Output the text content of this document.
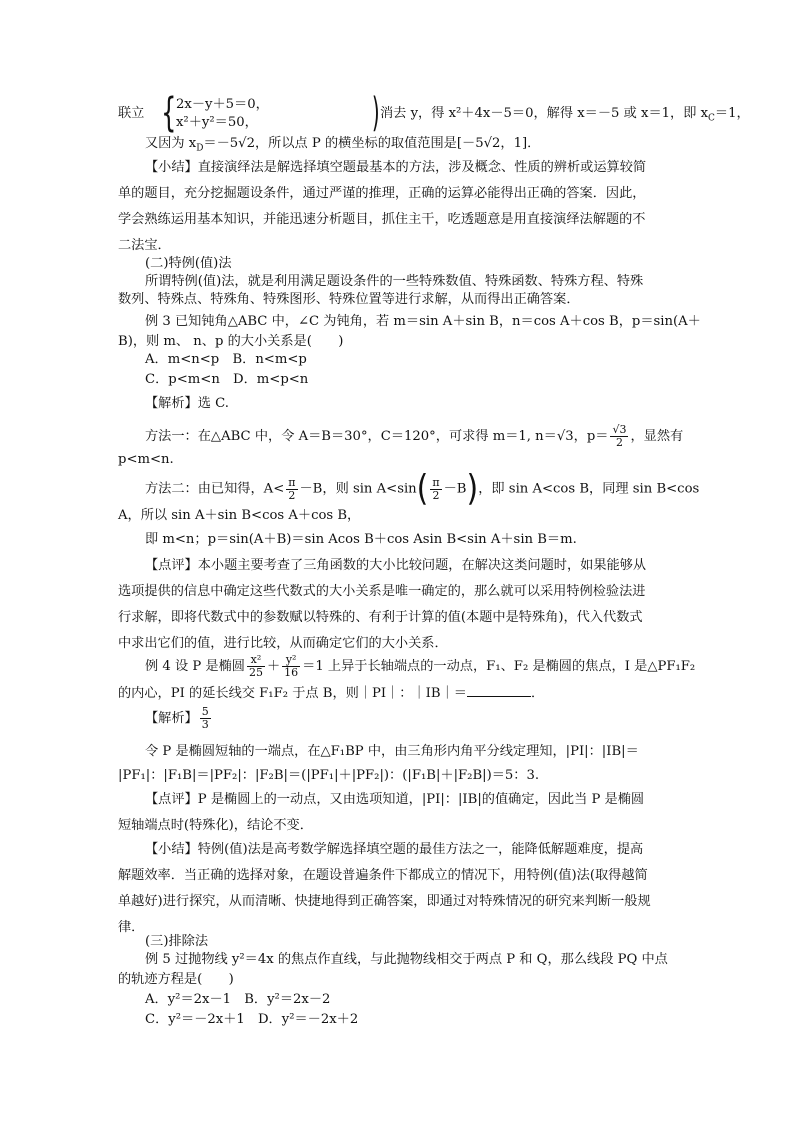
联立 { 2x－y＋5＝0，
x²＋y²＝50，	) 消去 y，得 x²＋4x－5＝0，解得 x＝－5 或 x＝1，即 $x_C=1$，
又因为 $x_D=-5√2$，所以点 P 的横坐标的取值范围是[－5√2，1]．
【小结】直接演绎法是解选择填空题最基本的方法，涉及概念、性质的辨析或运算较简
单的题目，充分挖掘题设条件，通过严谨的推理，正确的运算必能得出正确的答案．因此，
学会熟练运用基本知识，并能迅速分析题目，抓住主干，吃透题意是用直接演绎法解题的不
二法宝．
(二)特例(值)法
所谓特例(值)法，就是利用满足题设条件的一些特殊数值、特殊函数、特殊方程、特殊
数列、特殊点、特殊角、特殊图形、特殊位置等进行求解，从而得出正确答案．
例 3 已知钝角△ABC 中，∠C 为钝角，若 m＝sin A＋sin B，n＝cos A＋cos B，p＝sin(A＋
B)，则 m、 n、p 的大小关系是(　　)
A．m<n<p　B．n<m<p
C．p<m<n　D．m<p<n
【解析】选 C.
方法一：在△ABC 中，令 A＝B＝30°，C＝120°，可求得 m＝1, n＝√3，$p= \frac{√3}{2}$ ，显然有
p<m<n.
方法二：由已知得，$A< \frac{\pi}{2} -B$，则 $\sin A<\sin( \frac{\pi}{2} -B)$，即 sin A<cos B，同理 sin B<cos
A，所以 sin A＋sin B<cos A＋cos B，
即 m<n；p＝sin(A＋B)＝sin Acos B＋cos Asin B<sin A＋sin B＝m.
【点评】本小题主要考查了三角函数的大小比较问题，在解决这类问题时，如果能够从
选项提供的信息中确定这些代数式的大小关系是唯一确定的，那么就可以采用特例检验法进
行求解，即将代数式中的参数赋以特殊的、有利于计算的值(本题中是特殊角)，代入代数式
中求出它们的值，进行比较，从而确定它们的大小关系．
例 4 设 P 是椭圆 $\frac{\text{x²}}{25} + \frac{\text{y²}}{16} =1$ 上异于长轴端点的一动点，F₁、F₂ 是椭圆的焦点，I 是△PF₁F₂
的内心，PI 的延长线交 F₁F₂ 于点 B，则｜PI｜：｜IB｜＝	．
【解析】 $\frac{5}{3}$
令 P 是椭圆短轴的一端点，在△F₁BP 中，由三角形内角平分线定理知，|PI|：|IB|＝
|PF₁|：|F₁B|＝|PF₂|：|F₂B|＝(|PF₁|＋|PF₂|)：(|F₁B|＋|F₂B|)＝5：3.
【点评】P 是椭圆上的一动点，又由选项知道，|PI|：|IB|的值确定，因此当 P 是椭圆
短轴端点时(特殊化)，结论不变．
【小结】特例(值)法是高考数学解选择填空题的最佳方法之一，能降低解题难度，提高
解题效率．当正确的选择对象，在题设普遍条件下都成立的情况下，用特例(值)法(取得越简
单越好)进行探究，从而清晰、快捷地得到正确答案，即通过对特殊情况的研究来判断一般规
律．
(三)排除法
例 5 过抛物线 y²＝4x 的焦点作直线，与此抛物线相交于两点 P 和 Q，那么线段 PQ 中点
的轨迹方程是(　　)
A．y²＝2x－1　B．y²＝2x－2
C．y²＝－2x＋1　D．y²＝－2x＋2
